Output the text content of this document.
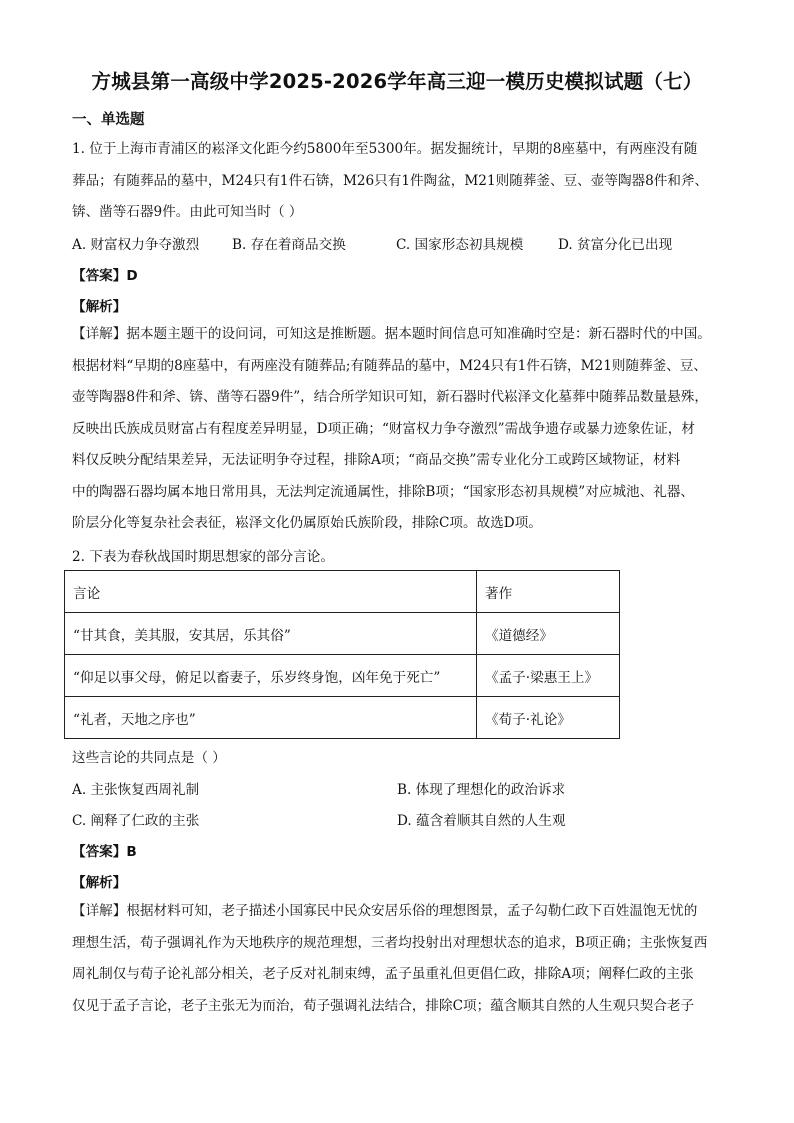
方城县第一高级中学2025-2026学年高三迎一模历史模拟试题（七）
一、单选题
1. 位于上海市青浦区的崧泽文化距今约5800年至5300年。据发掘统计，早期的8座墓中，有两座没有随
葬品；有随葬品的墓中，M24只有1件石锛，M26只有1件陶盆，M21则随葬釜、豆、壶等陶器8件和斧、
锛、凿等石器9件。由此可知当时（ ）
A. 财富权力争夺激烈 B. 存在着商品交换	C. 国家形态初具规模	D. 贫富分化已出现
【答案】D
【解析】
【详解】据本题主题干的设问词，可知这是推断题。据本题时间信息可知准确时空是：新石器时代的中国。
根据材料“早期的8座墓中，有两座没有随葬品;有随葬品的墓中，M24只有1件石锛，M21则随葬釜、豆、
壶等陶器8件和斧、锛、凿等石器9件”，结合所学知识可知，新石器时代崧泽文化墓葬中随葬品数量悬殊，
反映出氏族成员财富占有程度差异明显，D项正确；“财富权力争夺激烈”需战争遗存或暴力迹象佐证，材
料仅反映分配结果差异，无法证明争夺过程，排除A项；“商品交换”需专业化分工或跨区域物证，材料
中的陶器石器均属本地日常用具，无法判定流通属性，排除B项；“国家形态初具规模”对应城池、礼器、
阶层分化等复杂社会表征，崧泽文化仍属原始氏族阶段，排除C项。故选D项。
2. 下表为春秋战国时期思想家的部分言论。
言论	著作
“甘其食，美其服，安其居，乐其俗”	《道德经》
“仰足以事父母，俯足以畜妻子，乐岁终身饱，凶年免于死亡”	《孟子·梁惠王上》
“礼者，天地之序也”	《荀子·礼论》
这些言论的共同点是（ ）
A. 主张恢复西周礼制	B. 体现了理想化的政治诉求
C. 阐释了仁政的主张	D. 蕴含着顺其自然的人生观
【答案】B
【解析】
【详解】根据材料可知，老子描述小国寡民中民众安居乐俗的理想图景，孟子勾勒仁政下百姓温饱无忧的
理想生活，荀子强调礼作为天地秩序的规范理想，三者均投射出对理想状态的追求，B项正确；主张恢复西
周礼制仅与荀子论礼部分相关，老子反对礼制束缚，孟子虽重礼但更倡仁政，排除A项；阐释仁政的主张
仅见于孟子言论，老子主张无为而治，荀子强调礼法结合，排除C项；蕴含顺其自然的人生观只契合老子
